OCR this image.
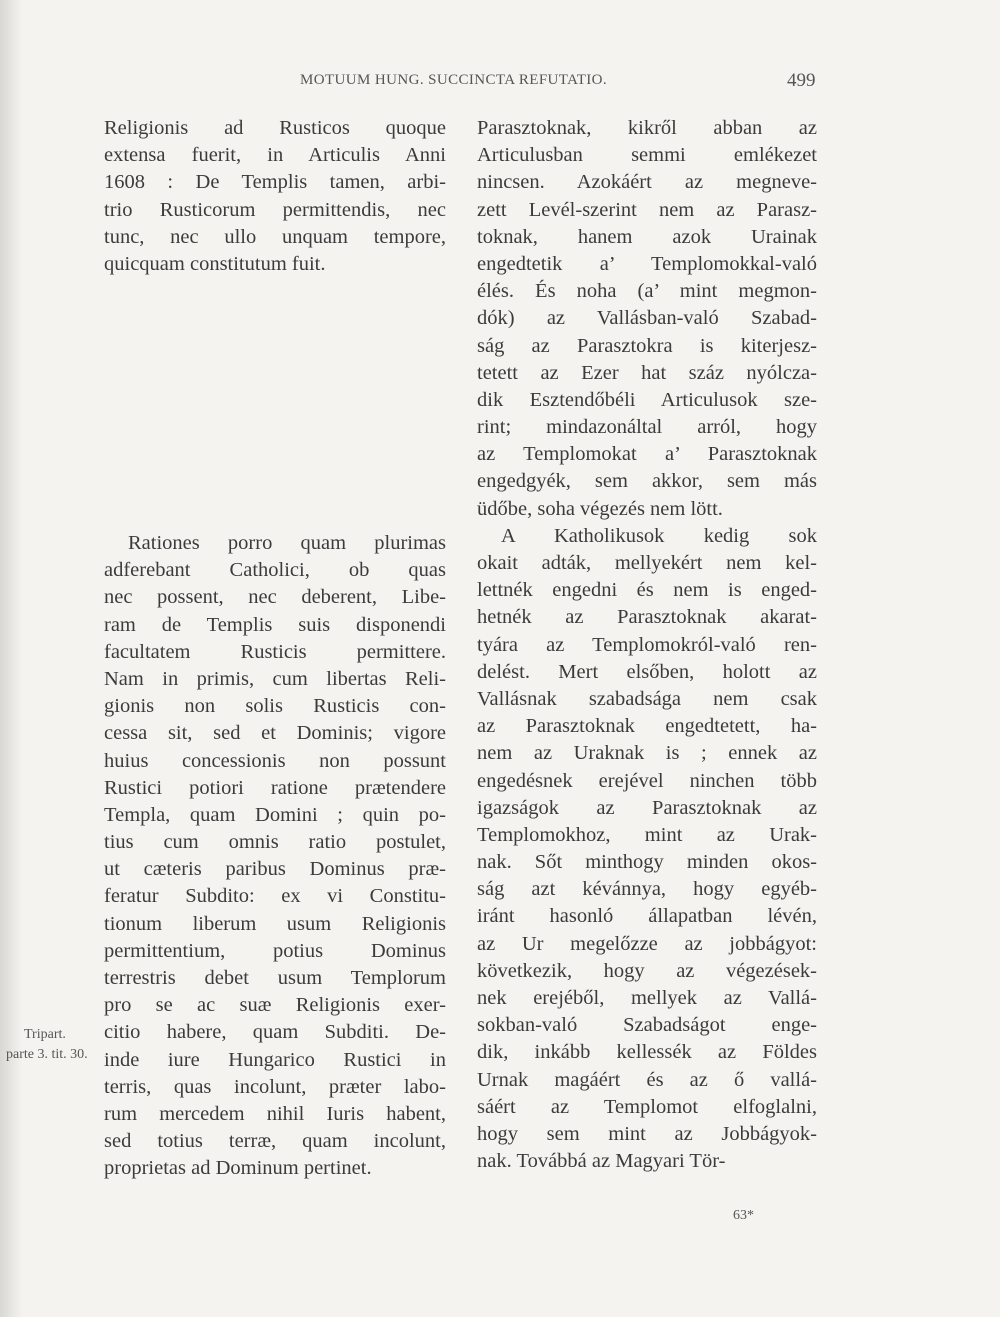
MOTUUM HUNG. SUCCINCTA REFUTATIO.	499
Religionis ad Rusticos quoque
extensa fuerit, in Articulis Anni
1608 : De Templis tamen, arbi-
trio Rusticorum permittendis, nec
tunc, nec ullo unquam tempore,
quicquam constitutum fuit.
Rationes porro quam plurimas
adferebant Catholici, ob quas
nec possent, nec deberent, Libe-
ram de Templis suis disponendi
facultatem Rusticis permittere.
Nam in primis, cum libertas Reli-
gionis non solis Rusticis con-
cessa sit, sed et Dominis; vigore
huius concessionis non possunt
Rustici potiori ratione prætendere
Templa, quam Domini ; quin po-
tius cum omnis ratio postulet,
ut cæteris paribus Dominus præ-
feratur Subdito: ex vi Constitu-
tionum liberum usum Religionis
permittentium, potius Dominus
terrestris debet usum Templorum
pro se ac suæ Religionis exer-
citio habere, quam Subditi. De-
inde iure Hungarico Rustici in
terris, quas incolunt, præter labo-
rum mercedem nihil Iuris habent,
sed totius terræ, quam incolunt,
proprietas ad Dominum pertinet.
Parasztoknak, kikről abban az
Articulusban semmi emlékezet
nincsen. Azokáért az megneve-
zett Levél-szerint nem az Parasz-
toknak, hanem azok Urainak
engedtetik a’ Templomokkal-való
élés. És noha (a’ mint megmon-
dók) az Vallásban-való Szabad-
ság az Parasztokra is kiterjesz-
tetett az Ezer hat száz nyólcza-
dik Esztendőbéli Articulusok sze-
rint; mindazonáltal arról, hogy
az Templomokat a’ Parasztoknak
engedgyék, sem akkor, sem más
üdőbe, soha végezés nem lött.
A Katholikusok kedig sok
okait adták, mellyekért nem kel-
lettnék engedni és nem is enged-
hetnék az Parasztoknak akarat-
tyára az Templomokról-való ren-
delést. Mert elsőben, holott az
Vallásnak szabadsága nem csak
az Parasztoknak engedtetett, ha-
nem az Uraknak is ; ennek az
engedésnek erejével ninchen több
igazságok az Parasztoknak az
Templomokhoz, mint az Urak-
nak. Sőt minthogy minden okos-
ság azt kévánnya, hogy egyéb-
iránt hasonló állapatban lévén,
az Ur megelőzze az jobbágyot:
következik, hogy az végezések-
nek erejéből, mellyek az Vallá-
sokban-való Szabadságot enge-
dik, inkább kellessék az Földes
Urnak magáért és az ő vallá-
sáért az Templomot elfoglalni,
hogy sem mint az Jobbágyok-
nak. Továbbá az Magyari Tör-
Tripart.
parte 3. tit. 30.
63*
